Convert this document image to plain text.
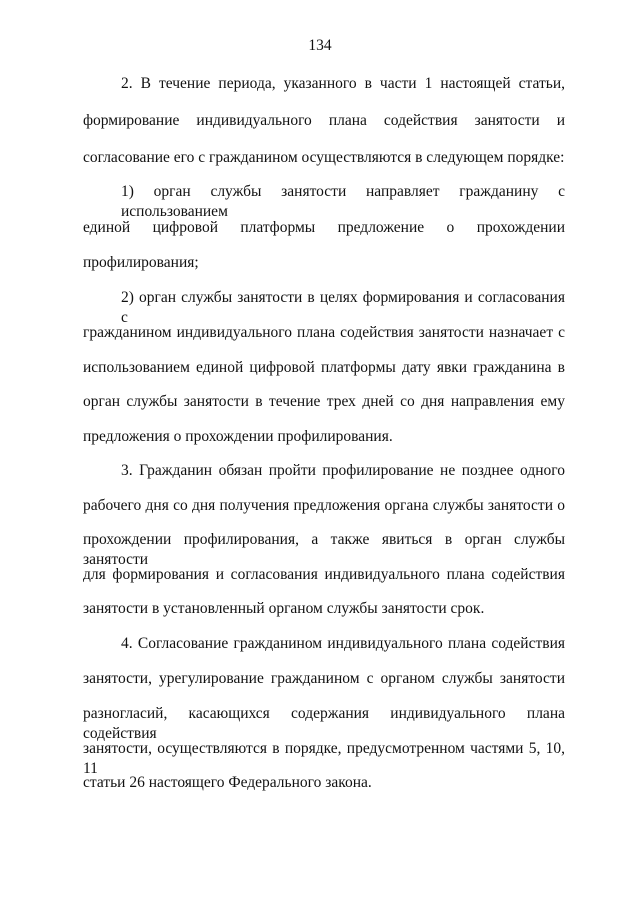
134
2. В течение периода, указанного в части 1 настоящей статьи,
формирование индивидуального плана содействия занятости и
согласование его с гражданином осуществляются в следующем порядке:
1) орган службы занятости направляет гражданину с использованием
единой цифровой платформы предложение о прохождении
профилирования;
2) орган службы занятости в целях формирования и согласования с
гражданином индивидуального плана содействия занятости назначает с
использованием единой цифровой платформы дату явки гражданина в
орган службы занятости в течение трех дней со дня направления ему
предложения о прохождении профилирования.
3. Гражданин обязан пройти профилирование не позднее одного
рабочего дня со дня получения предложения органа службы занятости о
прохождении профилирования, а также явиться в орган службы занятости
для формирования и согласования индивидуального плана содействия
занятости в установленный органом службы занятости срок.
4. Согласование гражданином индивидуального плана содействия
занятости, урегулирование гражданином с органом службы занятости
разногласий, касающихся содержания индивидуального плана содействия
занятости, осуществляются в порядке, предусмотренном частями 5, 10, 11
статьи 26 настоящего Федерального закона.
